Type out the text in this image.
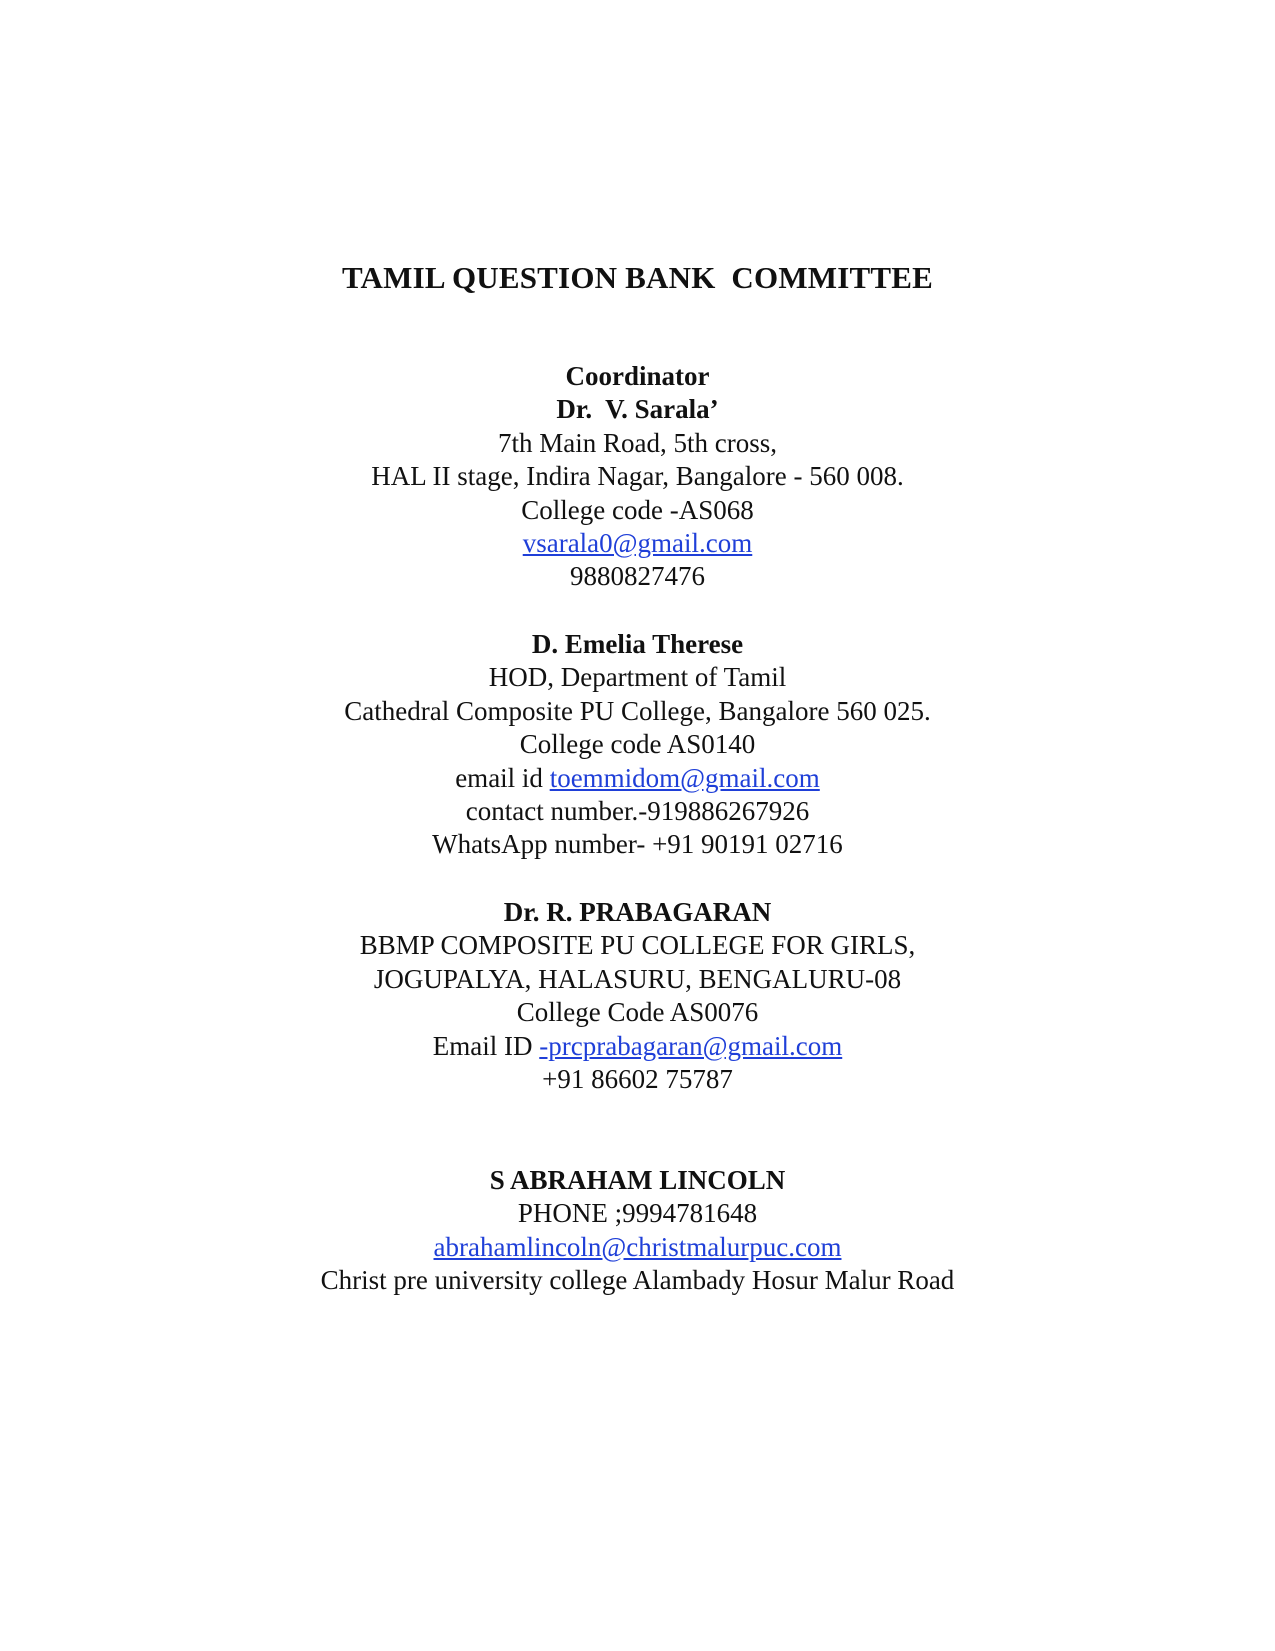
TAMIL QUESTION BANK  COMMITTEE
Coordinator
Dr.  V. Sarala’
7th Main Road, 5th cross,
HAL II stage, Indira Nagar, Bangalore - 560 008.
College code -AS068
vsarala0@gmail.com
9880827476
D. Emelia Therese
HOD, Department of Tamil
Cathedral Composite PU College, Bangalore 560 025.
College code AS0140
email id toemmidom@gmail.com
contact number.-919886267926
WhatsApp number- +91 90191 02716
Dr. R. PRABAGARAN
BBMP COMPOSITE PU COLLEGE FOR GIRLS,
JOGUPALYA, HALASURU, BENGALURU-08
College Code AS0076
Email ID -prcprabagaran@gmail.com
+91 86602 75787
S ABRAHAM LINCOLN
PHONE ;9994781648
abrahamlincoln@christmalurpuc.com
Christ pre university college Alambady Hosur Malur Road
